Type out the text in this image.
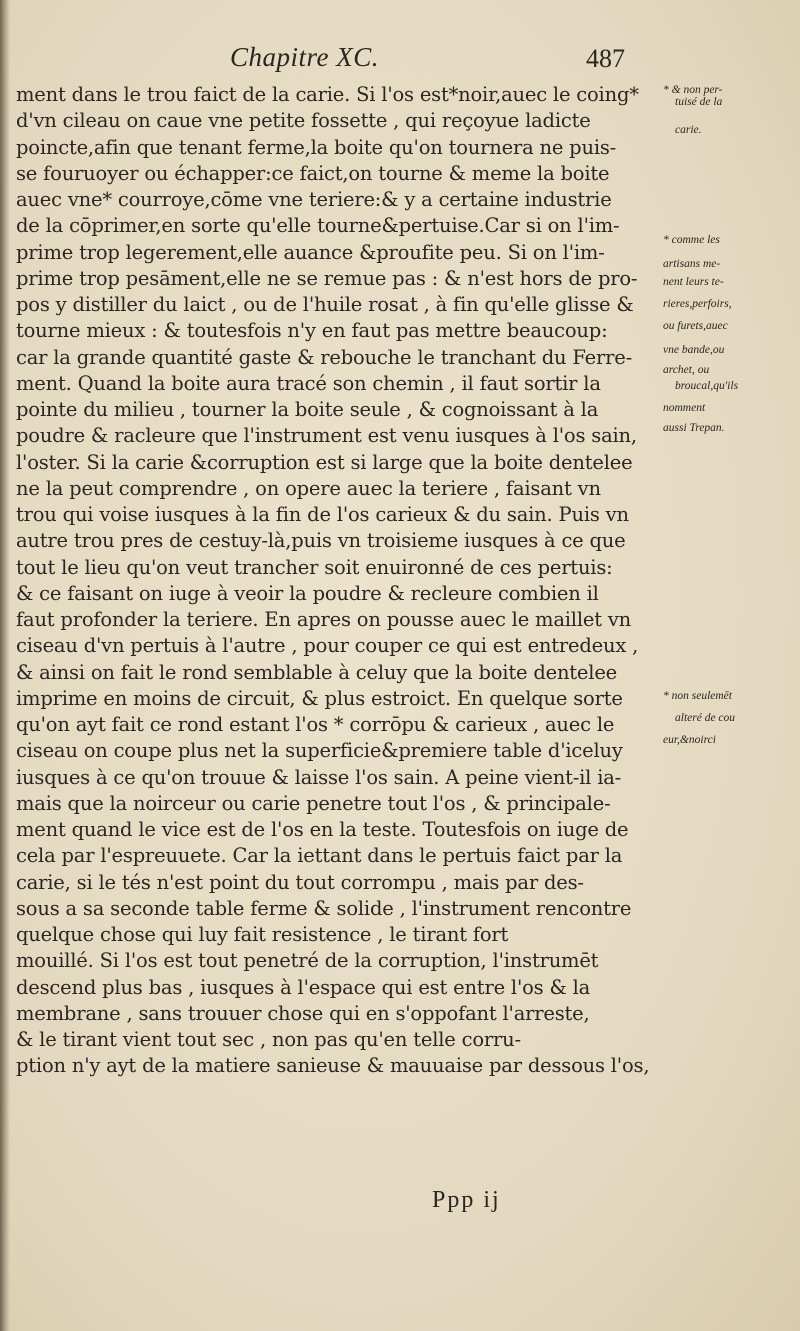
Chapitre XC.	487
ment dans le trou faict de la carie. Si l'os est*noir,auec le coing*
d'vn cileau on caue vne petite fossette , qui reçoyue ladicte
poincte,afin que tenant ferme,la boite qu'on tournera ne puis-
se fouruoyer ou échapper:ce faict,on tourne & meme la boite
auec vne* courroye,cōme vne teriere:& y a certaine industrie
de la cōprimer,en sorte qu'elle tourne&pertuise.Car si on l'im-
prime trop legerement,elle auance &proufite peu. Si on l'im-
prime trop pesāment,elle ne se remue pas : & n'est hors de pro-
pos y distiller du laict , ou de l'huile rosat , à fin qu'elle glisse &
tourne mieux : & toutesfois n'y en faut pas mettre beaucoup:
car la grande quantité gaste & rebouche le tranchant du Ferre-
ment. Quand la boite aura tracé son chemin , il faut sortir la
pointe du milieu , tourner la boite seule , & cognoissant à la
poudre & racleure que l'instrument est venu iusques à l'os sain,
l'oster. Si la carie &corruption est si large que la boite dentelee
ne la peut comprendre , on opere auec la teriere , faisant vn
trou qui voise iusques à la fin de l'os carieux & du sain. Puis vn
autre trou pres de cestuy-là,puis vn troisieme iusques à ce que
tout le lieu qu'on veut trancher soit enuironné de ces pertuis:
& ce faisant on iuge à veoir la poudre & recleure combien il
faut profonder la teriere. En apres on pousse auec le maillet vn
ciseau d'vn pertuis à l'autre , pour couper ce qui est entredeux ,
& ainsi on fait le rond semblable à celuy que la boite dentelee
imprime en moins de circuit, & plus estroict. En quelque sorte
qu'on ayt fait ce rond estant l'os * corrōpu & carieux , auec le
ciseau on coupe plus net la superficie&premiere table d'iceluy
iusques à ce qu'on trouue & laisse l'os sain. A peine vient-il ia-
mais que la noirceur ou carie penetre tout l'os , & principale-
ment quand le vice est de l'os en la teste. Toutesfois on iuge de
cela par l'espreuuete. Car la iettant dans le pertuis faict par la
carie, si le tés n'est point du tout corrompu , mais par des-
sous a sa seconde table ferme & solide , l'instrument rencontre
quelque chose qui luy fait resistence , le tirant fort
mouillé. Si l'os est tout penetré de la corruption, l'instrumēt
descend plus bas , iusques à l'espace qui est entre l'os & la
membrane , sans trouuer chose qui en s'oppofant l'arreste,
& le tirant vient tout sec , non pas qu'en telle corru-
ption n'y ayt de la matiere sanieuse & mauuaise par dessous l'os,
* & non per-
tuisé de la
carie.
* comme les
artisans me-
nent leurs te-
rieres,perfoirs,
ou furets,auec
vne bande,ou
archet, ou
broucal,qu'ils
nomment
aussi Trepan.
* non seulemēt
alteré de cou
eur,&noirci
Ppp ij
